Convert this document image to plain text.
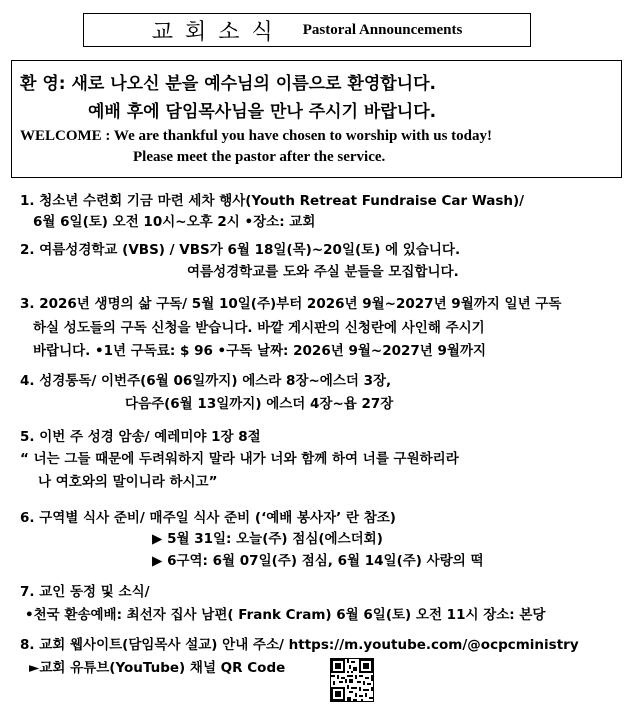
교회소식 Pastoral Announcements
환 영: 새로 나오신 분을 예수님의 이름으로 환영합니다.
예배 후에 담임목사님을 만나 주시기 바랍니다.
WELCOME : We are thankful you have chosen to worship with us today!
Please meet the pastor after the service.
1. 청소년 수련회 기금 마련 세차 행사(Youth Retreat Fundraise Car Wash)/
6월 6일(토) 오전 10시~오후 2시 •장소: 교회
2. 여름성경학교 (VBS) / VBS가 6월 18일(목)~20일(토) 에 있습니다.
여름성경학교를 도와 주실 분들을 모집합니다.
3. 2026년 생명의 삶 구독/ 5월 10일(주)부터 2026년 9월~2027년 9월까지 일년 구독
하실 성도들의 구독 신청을 받습니다. 바깥 게시판의 신청란에 사인해 주시기
바랍니다. •1년 구독료: $ 96 •구독 날짜: 2026년 9월~2027년 9월까지
4. 성경통독/ 이번주(6월 06일까지) 에스라 8장~에스더 3장,
다음주(6월 13일까지) 에스더 4장~욥 27장
5. 이번 주 성경 암송/ 예레미야 1장 8절
“ 너는 그들 때문에 두려워하지 말라 내가 너와 함께 하여 너를 구원하리라
나 여호와의 말이니라 하시고”
6. 구역별 식사 준비/ 매주일 식사 준비 (‘예배 봉사자’ 란 참조)
▶ 5월 31일: 오늘(주) 점심(에스더회)
▶ 6구역: 6월 07일(주) 점심, 6월 14일(주) 사랑의 떡
7. 교인 동정 및 소식/
•천국 환송예배: 최선자 집사 남편( Frank Cram) 6월 6일(토) 오전 11시 장소: 본당
8. 교회 웹사이트(담임목사 설교) 안내 주소/ https://m.youtube.com/@ocpcministry
►교회 유튜브(YouTube) 채널 QR Code
